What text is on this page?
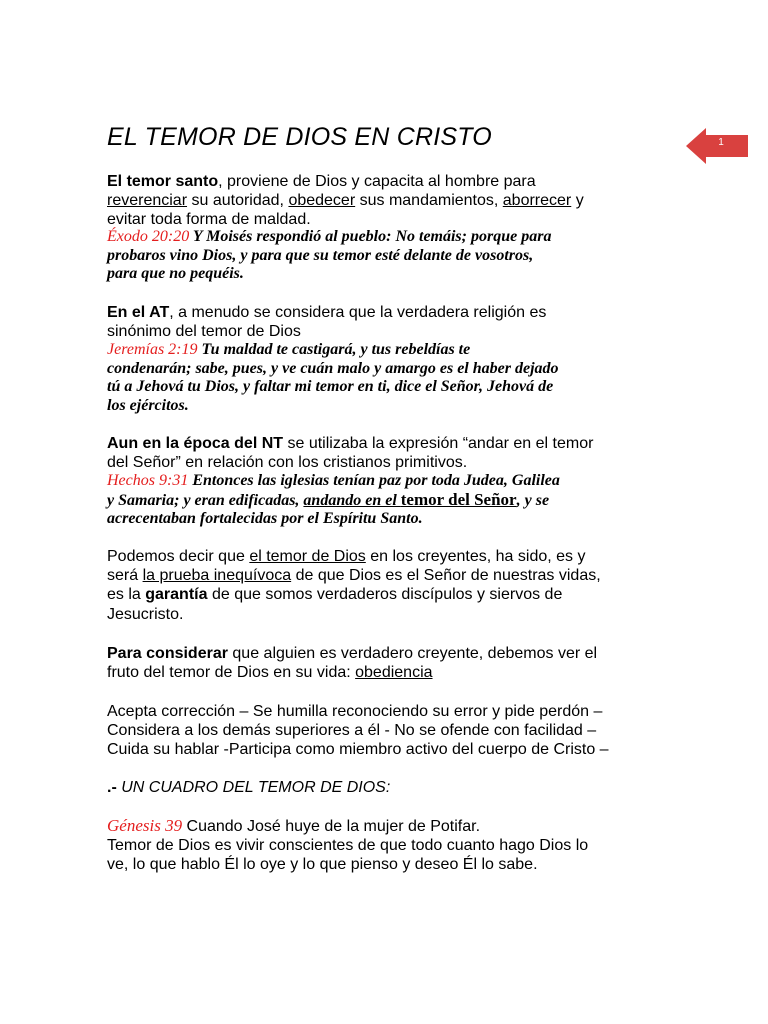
EL TEMOR DE DIOS EN CRISTO	1
El temor santo, proviene de Dios y capacita al hombre para
reverenciar su autoridad, obedecer sus mandamientos, aborrecer y
evitar toda forma de maldad.
Éxodo 20:20 Y Moisés respondió al pueblo: No temáis; porque para
probaros vino Dios, y para que su temor esté delante de vosotros,
para que no pequéis.
En el AT, a menudo se considera que la verdadera religión es
sinónimo del temor de Dios
Jeremías 2:19 Tu maldad te castigará, y tus rebeldías te
condenarán; sabe, pues, y ve cuán malo y amargo es el haber dejado
tú a Jehová tu Dios, y faltar mi temor en ti, dice el Señor, Jehová de
los ejércitos.
Aun en la época del NT se utilizaba la expresión “andar en el temor
del Señor” en relación con los cristianos primitivos.
Hechos 9:31 Entonces las iglesias tenían paz por toda Judea, Galilea
y Samaria; y eran edificadas, andando en el temor del Señor, y se
acrecentaban fortalecidas por el Espíritu Santo.
Podemos decir que el temor de Dios en los creyentes, ha sido, es y
será la prueba inequívoca de que Dios es el Señor de nuestras vidas,
es la garantía de que somos verdaderos discípulos y siervos de
Jesucristo.
Para considerar que alguien es verdadero creyente, debemos ver el
fruto del temor de Dios en su vida: obediencia
Acepta corrección – Se humilla reconociendo su error y pide perdón –
Considera a los demás superiores a él - No se ofende con facilidad –
Cuida su hablar -Participa como miembro activo del cuerpo de Cristo –
.- UN CUADRO DEL TEMOR DE DIOS:
Génesis 39 Cuando José huye de la mujer de Potifar.
Temor de Dios es vivir conscientes de que todo cuanto hago Dios lo
ve, lo que hablo Él lo oye y lo que pienso y deseo Él lo sabe.
